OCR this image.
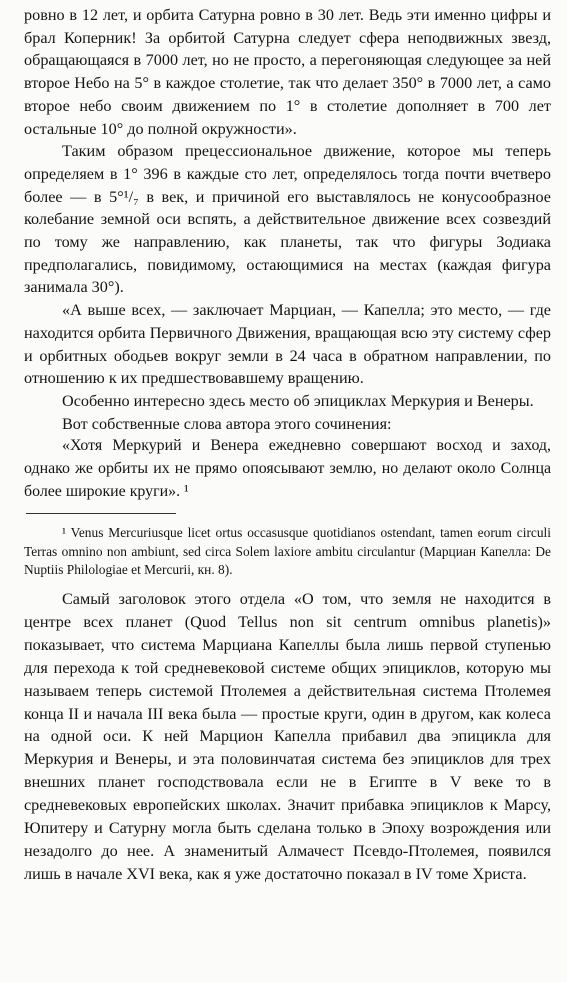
ровно в 12 лет, и орбита Сатурна ровно в 30 лет. Ведь эти именно цифры и брал Коперник! За орбитой Сатурна следует сфера неподвижных звезд, обращающаяся в 7000 лет, но не просто, а перегоняющая следующее за ней второе Небо на 5° в каждое столетие, так что делает 350° в 7000 лет, а само второе небо своим движением по 1° в столетие дополняет в 700 лет остальные 10° до полной окружности».

Таким образом прецессиональное движение, которое мы теперь определяем в 1° 396 в каждые сто лет, определялось тогда почти вчетверо более — в 5°¹/₇ в век, и причиной его выставлялось не конусообразное колебание земной оси вспять, а действительное движение всех созвездий по тому же направлению, как планеты, так что фигуры Зодиака предполагались, повидимому, остающимися на местах (каждая фигура занимала 30°).

«А выше всех, — заключает Марциан, — Капелла; это место, — где находится орбита Первичного Движения, вращающая всю эту систему сфер и орбитных ободьев вокруг земли в 24 часа в обратном направлении, по отношению к их предшествовавшему вращению.

Особенно интересно здесь место об эпициклах Меркурия и Венеры.

Вот собственные слова автора этого сочинения:

«Хотя Меркурий и Венера ежедневно совершают восход и заход, однако же орбиты их не прямо опоясывают землю, но делают около Солнца более широкие круги». ¹

¹ Venus Mercuriusque licet ortus occasusque quotidianos ostendant, tamen eorum circuli Terras omnino non ambiunt, sed circa Solem laxiore ambitu circulantur (Марциан Капелла: De Nuptiis Philologiae et Mercurii, кн. 8).

Самый заголовок этого отдела «О том, что земля не находится в центре всех планет (Quod Tellus non sit centrum omnibus planetis)» показывает, что система Марциана Капеллы была лишь первой ступенью для перехода к той средневековой системе общих эпициклов, которую мы называем теперь системой Птолемея а действительная система Птолемея конца II и начала III века была — простые круги, один в другом, как колеса на одной оси. К ней Марцион Капелла прибавил два эпицикла для Меркурия и Венеры, и эта половинчатая система без эпициклов для трех внешних планет господствовала если не в Египте в V веке то в средневековых европейских школах. Значит прибавка эпициклов к Марсу, Юпитеру и Сатурну могла быть сделана только в Эпоху возрождения или незадолго до нее. А знаменитый Алмачест Псевдо-Птолемея, появился лишь в начале XVI века, как я уже достаточно показал в IV томе Христа.
